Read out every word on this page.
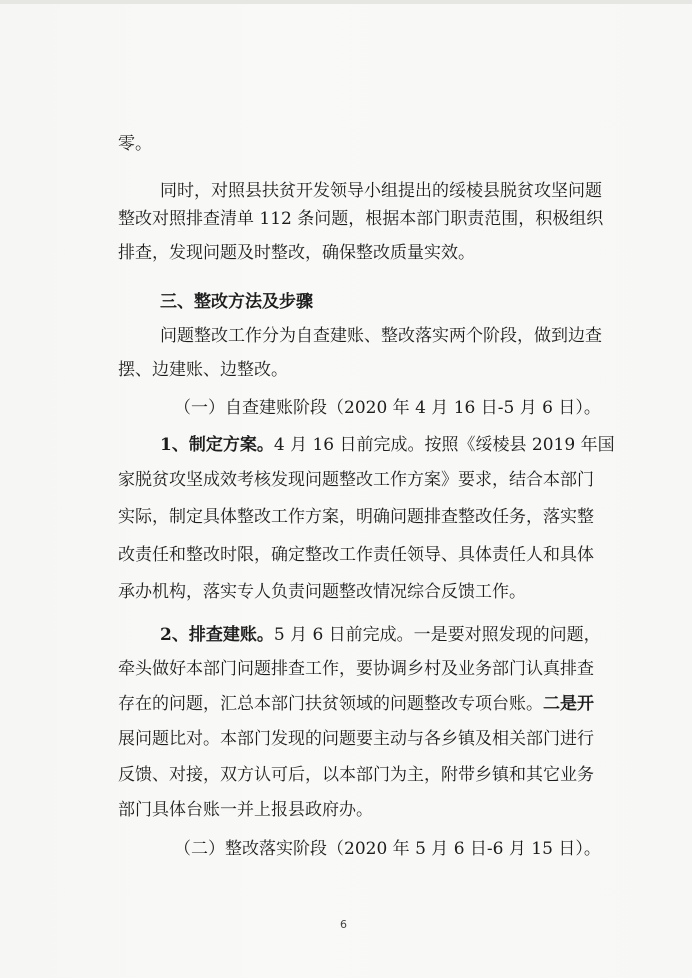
零。
同时，对照县扶贫开发领导小组提出的绥棱县脱贫攻坚问题
整改对照排查清单 112 条问题，根据本部门职责范围，积极组织
排查，发现问题及时整改，确保整改质量实效。
三、整改方法及步骤
问题整改工作分为自查建账、整改落实两个阶段，做到边查
摆、边建账、边整改。
（一）自查建账阶段（2020 年 4 月 16 日-5 月 6 日）。
1、制定方案。4 月 16 日前完成。按照《绥棱县 2019 年国
家脱贫攻坚成效考核发现问题整改工作方案》要求，结合本部门
实际，制定具体整改工作方案，明确问题排查整改任务，落实整
改责任和整改时限，确定整改工作责任领导、具体责任人和具体
承办机构，落实专人负责问题整改情况综合反馈工作。
2、排查建账。5 月 6 日前完成。一是要对照发现的问题，
牵头做好本部门问题排查工作，要协调乡村及业务部门认真排查
存在的问题，汇总本部门扶贫领域的问题整改专项台账。二是开
展问题比对。本部门发现的问题要主动与各乡镇及相关部门进行
反馈、对接，双方认可后，以本部门为主，附带乡镇和其它业务
部门具体台账一并上报县政府办。
（二）整改落实阶段（2020 年 5 月 6 日-6 月 15 日）。
6
